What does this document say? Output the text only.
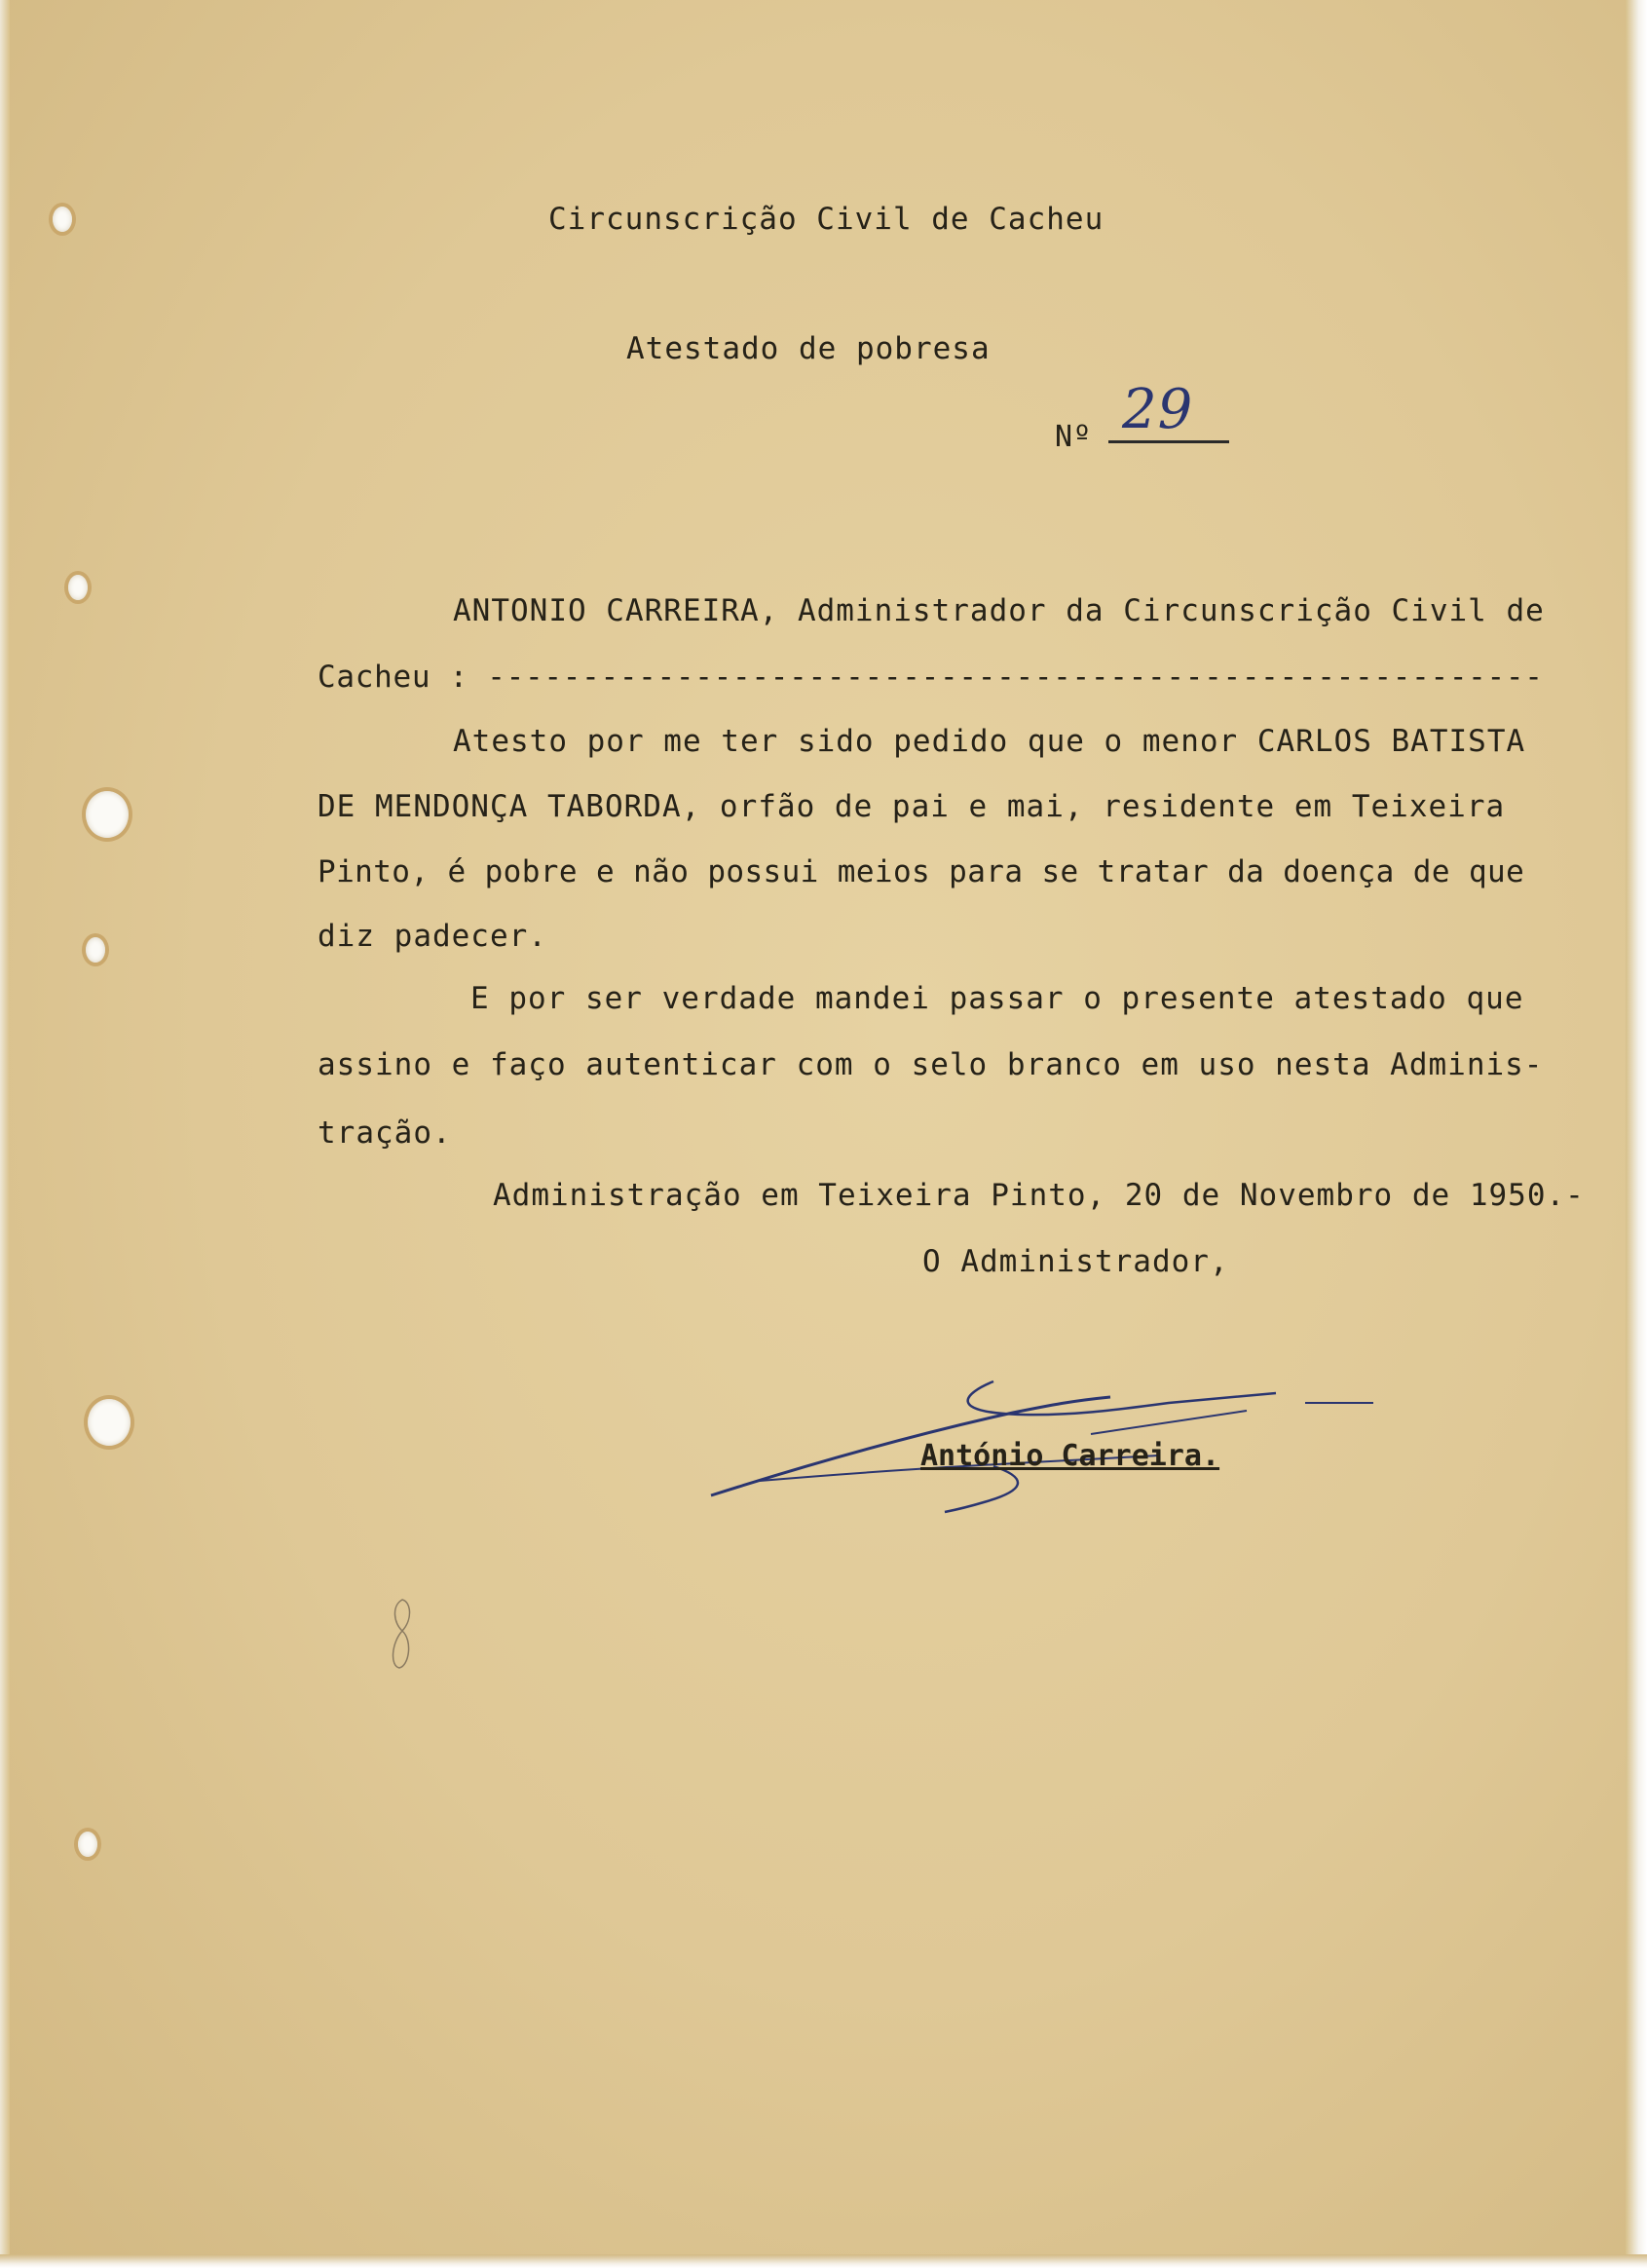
Circunscrição Civil de Cacheu
Atestado de pobresa
Nº 29
ANTONIO CARREIRA, Administrador da Circunscrição Civil de
Cacheu : --------------------------------------------------------
Atesto por me ter sido pedido que o menor CARLOS BATISTA
DE MENDONÇA TABORDA, orfão de pai e mai, residente em Teixeira
Pinto, é pobre e não possui meios para se tratar da doença de que
diz padecer.
E por ser verdade mandei passar o presente atestado que
assino e faço autenticar com o selo branco em uso nesta Adminis-
tração.
Administração em Teixeira Pinto, 20 de Novembro de 1950.-
O Administrador,
António Carreira.
